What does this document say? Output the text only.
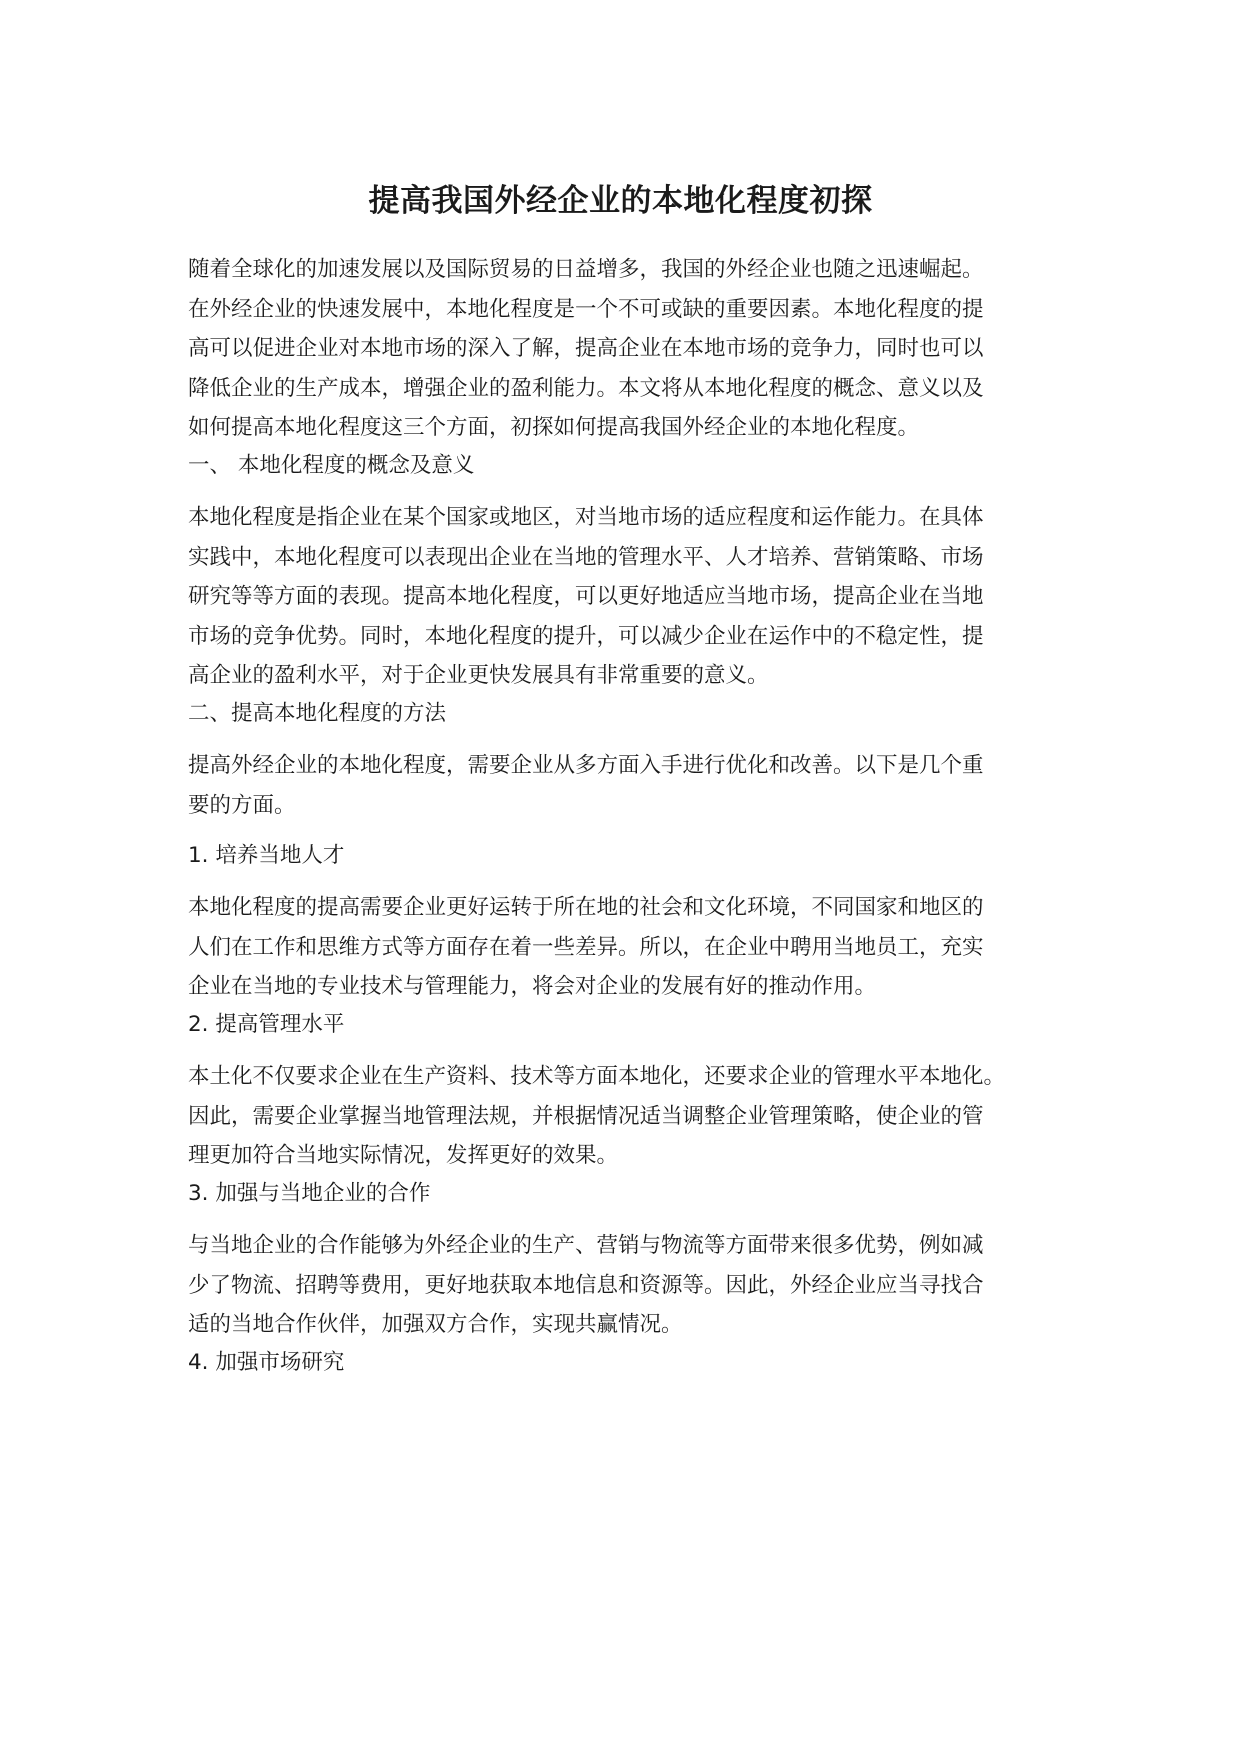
提高我国外经企业的本地化程度初探

随着全球化的加速发展以及国际贸易的日益增多，我国的外经企业也随之迅速崛起。
在外经企业的快速发展中，本地化程度是一个不可或缺的重要因素。本地化程度的提
高可以促进企业对本地市场的深入了解，提高企业在本地市场的竞争力，同时也可以
降低企业的生产成本，增强企业的盈利能力。本文将从本地化程度的概念、意义以及
如何提高本地化程度这三个方面，初探如何提高我国外经企业的本地化程度。

一、 本地化程度的概念及意义

本地化程度是指企业在某个国家或地区，对当地市场的适应程度和运作能力。在具体
实践中，本地化程度可以表现出企业在当地的管理水平、人才培养、营销策略、市场
研究等等方面的表现。提高本地化程度，可以更好地适应当地市场，提高企业在当地
市场的竞争优势。同时，本地化程度的提升，可以减少企业在运作中的不稳定性，提
高企业的盈利水平，对于企业更快发展具有非常重要的意义。

二、提高本地化程度的方法

提高外经企业的本地化程度，需要企业从多方面入手进行优化和改善。以下是几个重
要的方面。

1. 培养当地人才

本地化程度的提高需要企业更好运转于所在地的社会和文化环境，不同国家和地区的
人们在工作和思维方式等方面存在着一些差异。所以，在企业中聘用当地员工，充实
企业在当地的专业技术与管理能力，将会对企业的发展有好的推动作用。

2. 提高管理水平

本土化不仅要求企业在生产资料、技术等方面本地化，还要求企业的管理水平本地化。
因此，需要企业掌握当地管理法规，并根据情况适当调整企业管理策略，使企业的管
理更加符合当地实际情况，发挥更好的效果。

3. 加强与当地企业的合作

与当地企业的合作能够为外经企业的生产、营销与物流等方面带来很多优势，例如减
少了物流、招聘等费用，更好地获取本地信息和资源等。因此，外经企业应当寻找合
适的当地合作伙伴，加强双方合作，实现共赢情况。

4. 加强市场研究
